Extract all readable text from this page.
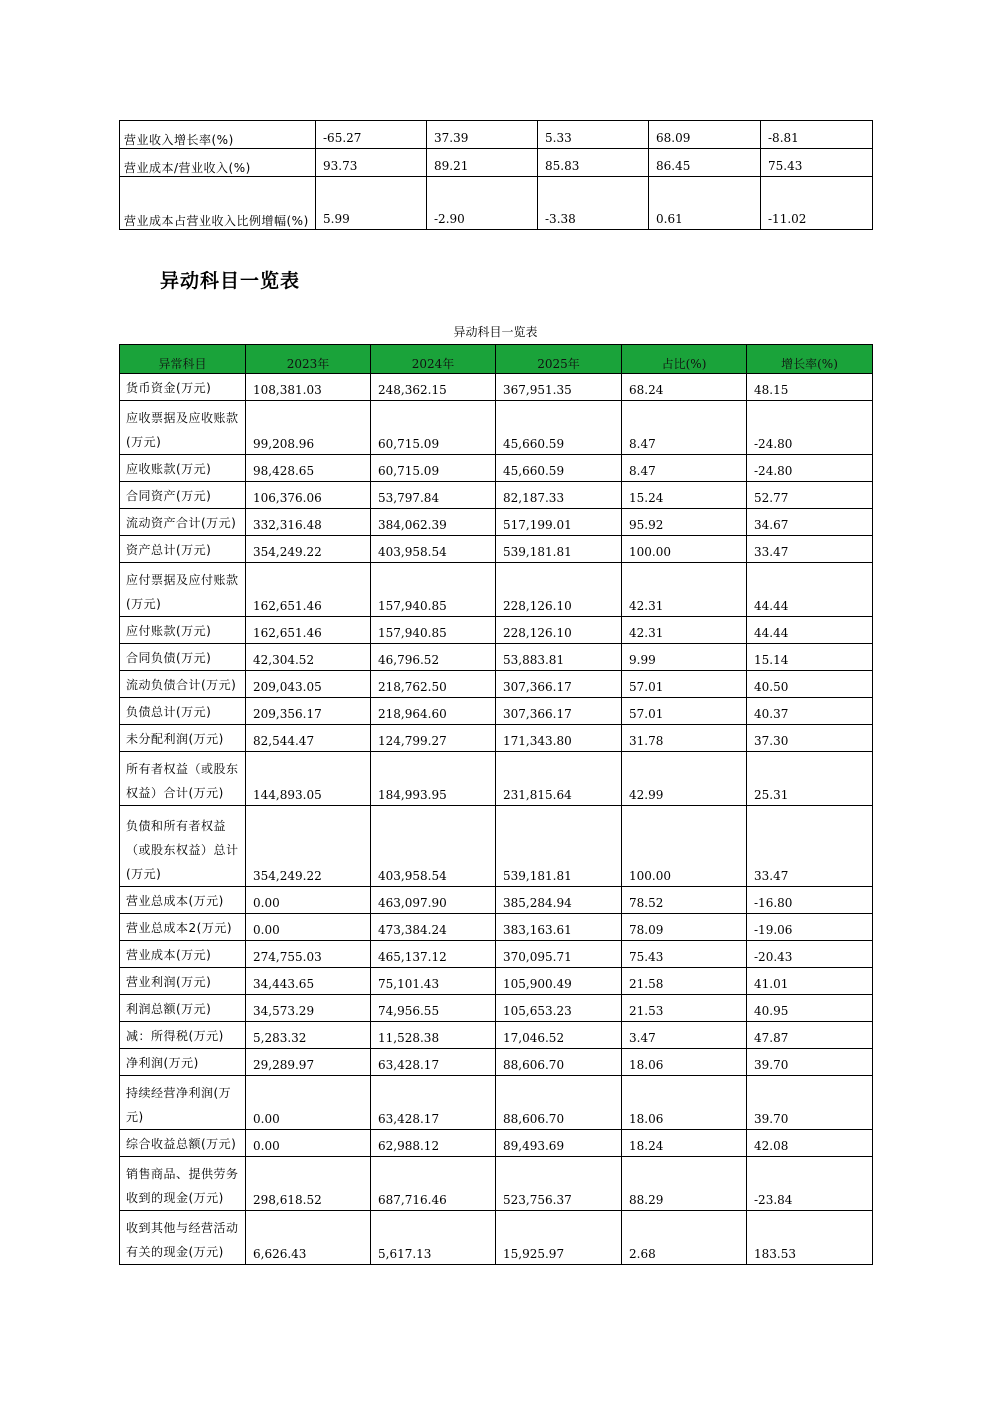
营业收入增长率(%)	-65.27	37.39	5.33	68.09	-8.81
营业成本/营业收入(%)	93.73	89.21	85.83	86.45	75.43
营业成本占营业收入比例增幅(%)	5.99	-2.90	-3.38	0.61	-11.02
异动科目一览表
异动科目一览表
异常科目	2023年	2024年	2025年	占比(%)	增长率(%)
货币资金(万元)	108,381.03	248,362.15	367,951.35	68.24	48.15
应收票据及应收账款(万元)	99,208.96	60,715.09	45,660.59	8.47	-24.80
应收账款(万元)	98,428.65	60,715.09	45,660.59	8.47	-24.80
合同资产(万元)	106,376.06	53,797.84	82,187.33	15.24	52.77
流动资产合计(万元)	332,316.48	384,062.39	517,199.01	95.92	34.67
资产总计(万元)	354,249.22	403,958.54	539,181.81	100.00	33.47
应付票据及应付账款(万元)	162,651.46	157,940.85	228,126.10	42.31	44.44
应付账款(万元)	162,651.46	157,940.85	228,126.10	42.31	44.44
合同负债(万元)	42,304.52	46,796.52	53,883.81	9.99	15.14
流动负债合计(万元)	209,043.05	218,762.50	307,366.17	57.01	40.50
负债总计(万元)	209,356.17	218,964.60	307,366.17	57.01	40.37
未分配利润(万元)	82,544.47	124,799.27	171,343.80	31.78	37.30
所有者权益（或股东权益）合计(万元)	144,893.05	184,993.95	231,815.64	42.99	25.31
负债和所有者权益（或股东权益）总计(万元)	354,249.22	403,958.54	539,181.81	100.00	33.47
营业总成本(万元)	0.00	463,097.90	385,284.94	78.52	-16.80
营业总成本2(万元)	0.00	473,384.24	383,163.61	78.09	-19.06
营业成本(万元)	274,755.03	465,137.12	370,095.71	75.43	-20.43
营业利润(万元)	34,443.65	75,101.43	105,900.49	21.58	41.01
利润总额(万元)	34,573.29	74,956.55	105,653.23	21.53	40.95
减：所得税(万元)	5,283.32	11,528.38	17,046.52	3.47	47.87
净利润(万元)	29,289.97	63,428.17	88,606.70	18.06	39.70
持续经营净利润(万元)	0.00	63,428.17	88,606.70	18.06	39.70
综合收益总额(万元)	0.00	62,988.12	89,493.69	18.24	42.08
销售商品、提供劳务收到的现金(万元)	298,618.52	687,716.46	523,756.37	88.29	-23.84
收到其他与经营活动有关的现金(万元)	6,626.43	5,617.13	15,925.97	2.68	183.53
